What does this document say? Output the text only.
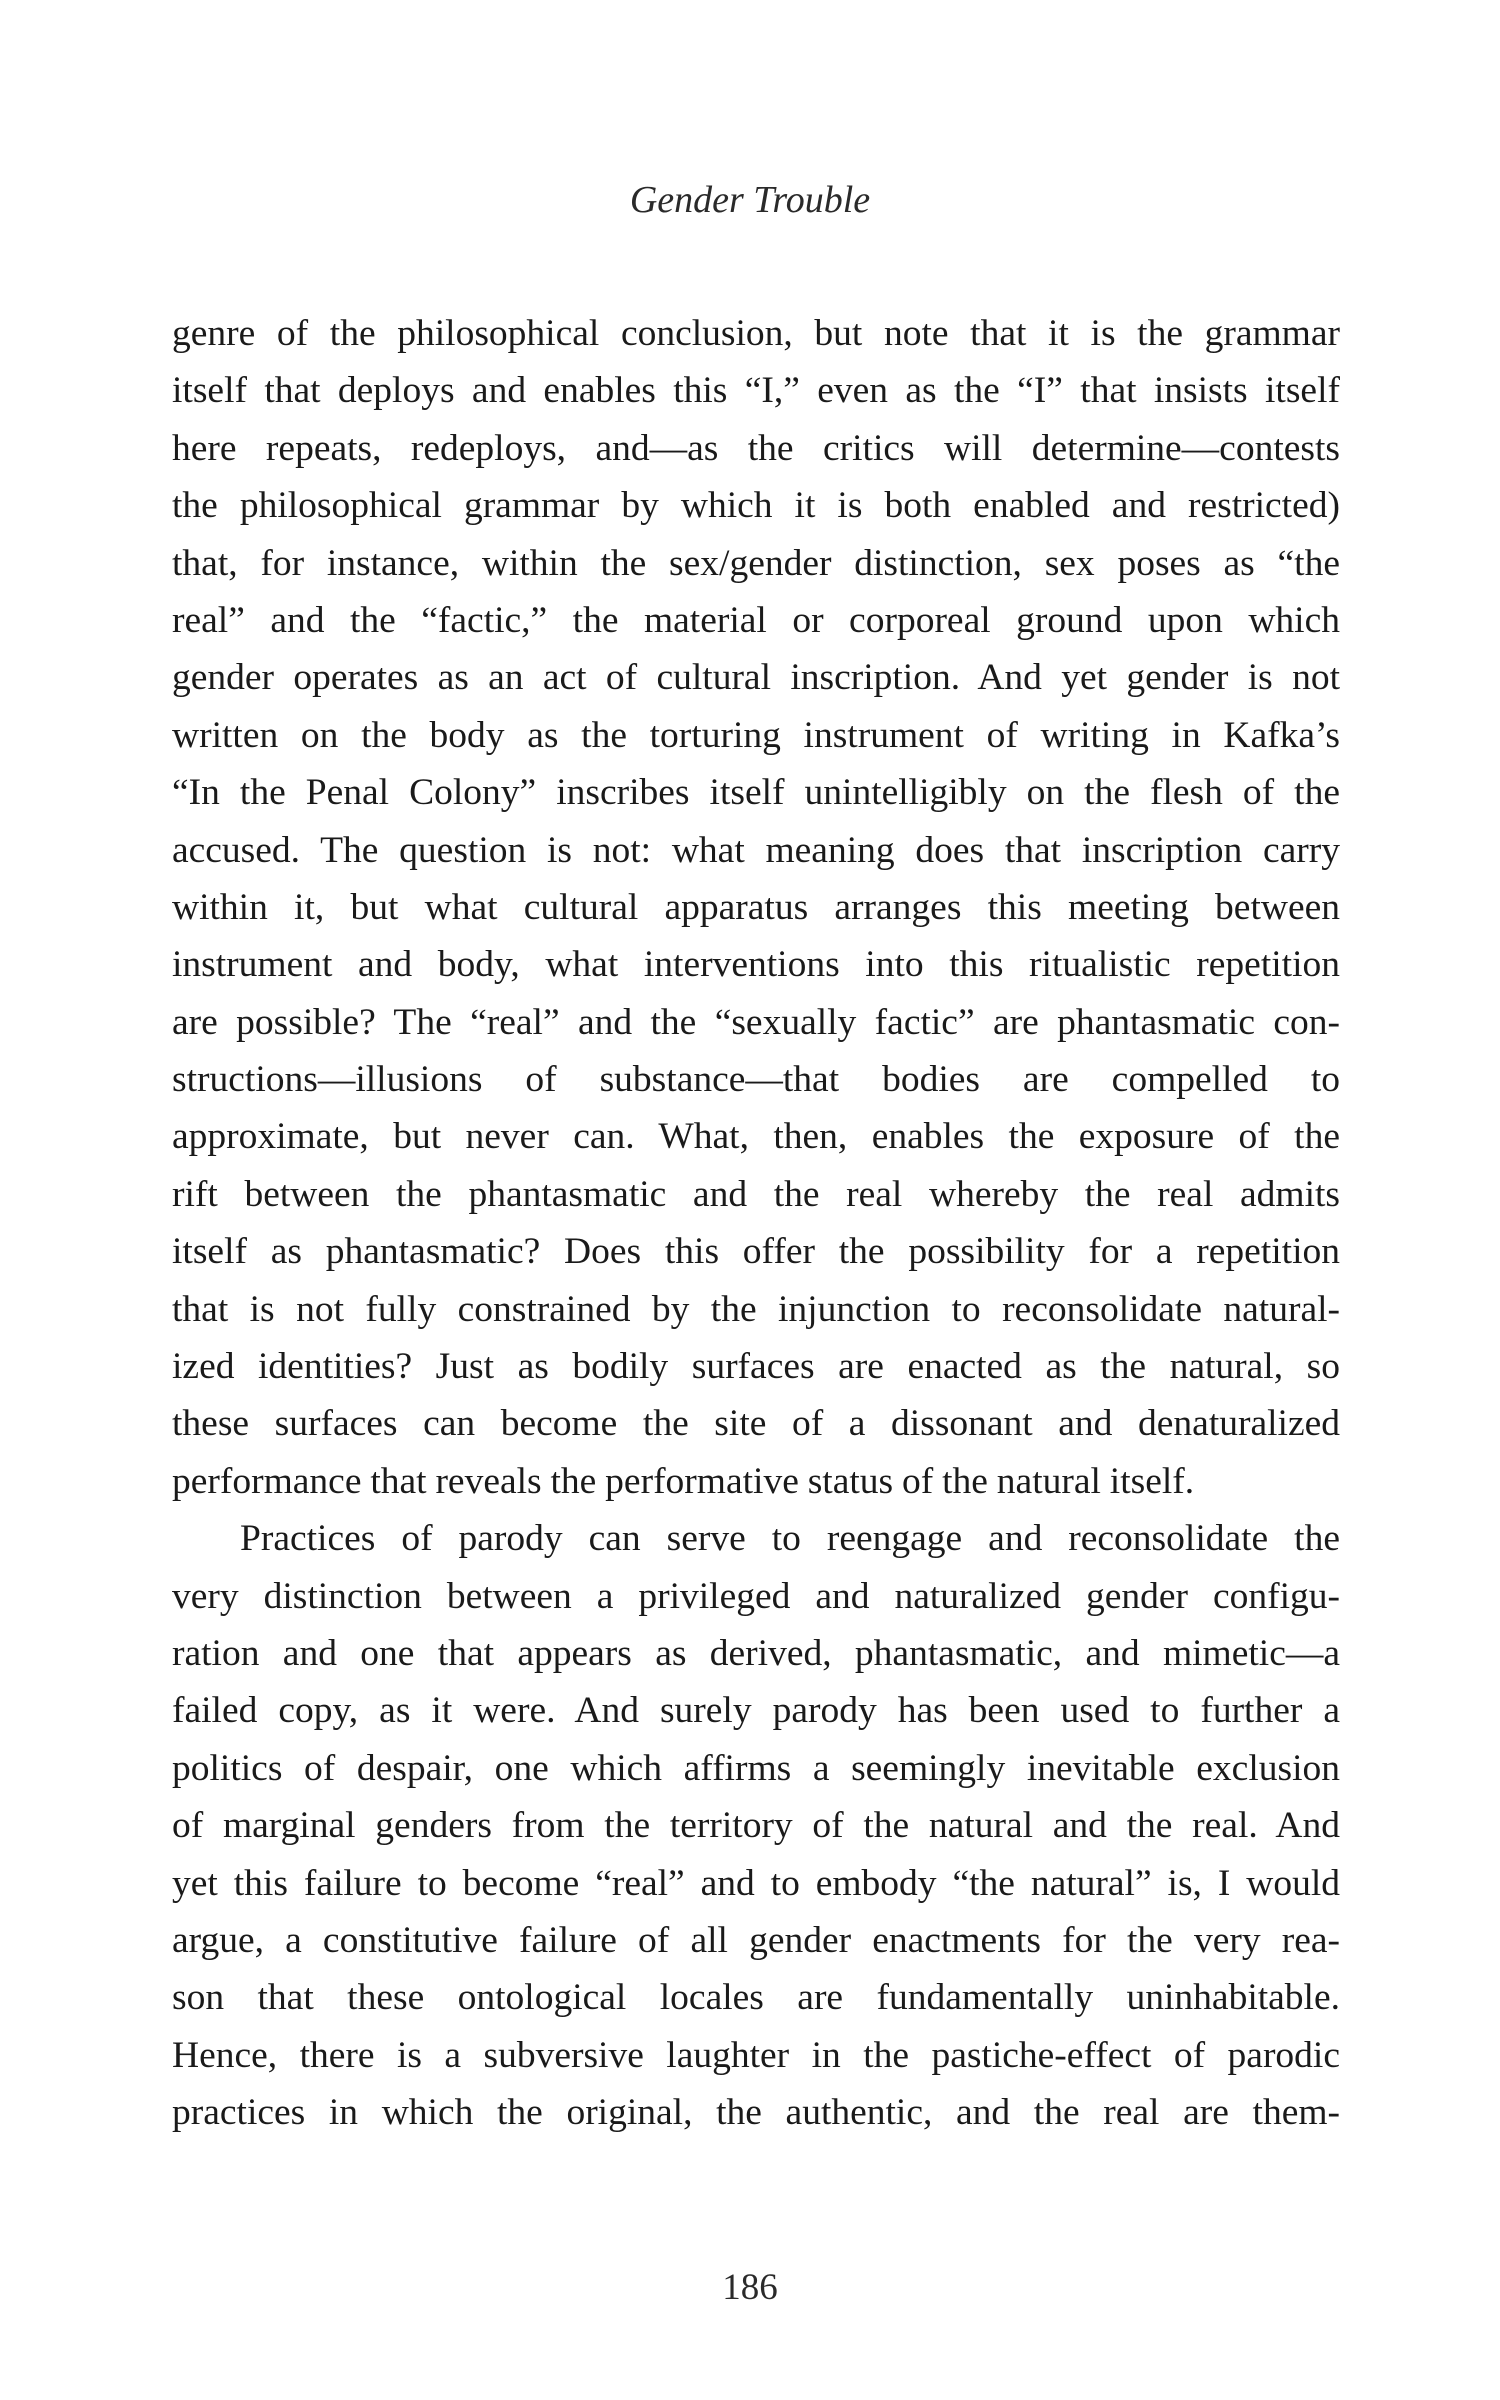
Gender Trouble
genre of the philosophical conclusion, but note that it is the grammar
itself that deploys and enables this “I,” even as the “I” that insists itself
here repeats, redeploys, and—as the critics will determine—contests
the philosophical grammar by which it is both enabled and restricted)
that, for instance, within the sex/gender distinction, sex poses as “the
real” and the “factic,” the material or corporeal ground upon which
gender operates as an act of cultural inscription. And yet gender is not
written on the body as the torturing instrument of writing in Kafka’s
“In the Penal Colony” inscribes itself unintelligibly on the flesh of the
accused. The question is not: what meaning does that inscription carry
within it, but what cultural apparatus arranges this meeting between
instrument and body, what interventions into this ritualistic repetition
are possible? The “real” and the “sexually factic” are phantasmatic con-
structions—illusions of substance—that bodies are compelled to
approximate, but never can. What, then, enables the exposure of the
rift between the phantasmatic and the real whereby the real admits
itself as phantasmatic? Does this offer the possibility for a repetition
that is not fully constrained by the injunction to reconsolidate natural-
ized identities? Just as bodily surfaces are enacted as the natural, so
these surfaces can become the site of a dissonant and denaturalized
performance that reveals the performative status of the natural itself.
Practices of parody can serve to reengage and reconsolidate the
very distinction between a privileged and naturalized gender configu-
ration and one that appears as derived, phantasmatic, and mimetic—a
failed copy, as it were. And surely parody has been used to further a
politics of despair, one which affirms a seemingly inevitable exclusion
of marginal genders from the territory of the natural and the real. And
yet this failure to become “real” and to embody “the natural” is, I would
argue, a constitutive failure of all gender enactments for the very rea-
son that these ontological locales are fundamentally uninhabitable.
Hence, there is a subversive laughter in the pastiche-effect of parodic
practices in which the original, the authentic, and the real are them-
186
